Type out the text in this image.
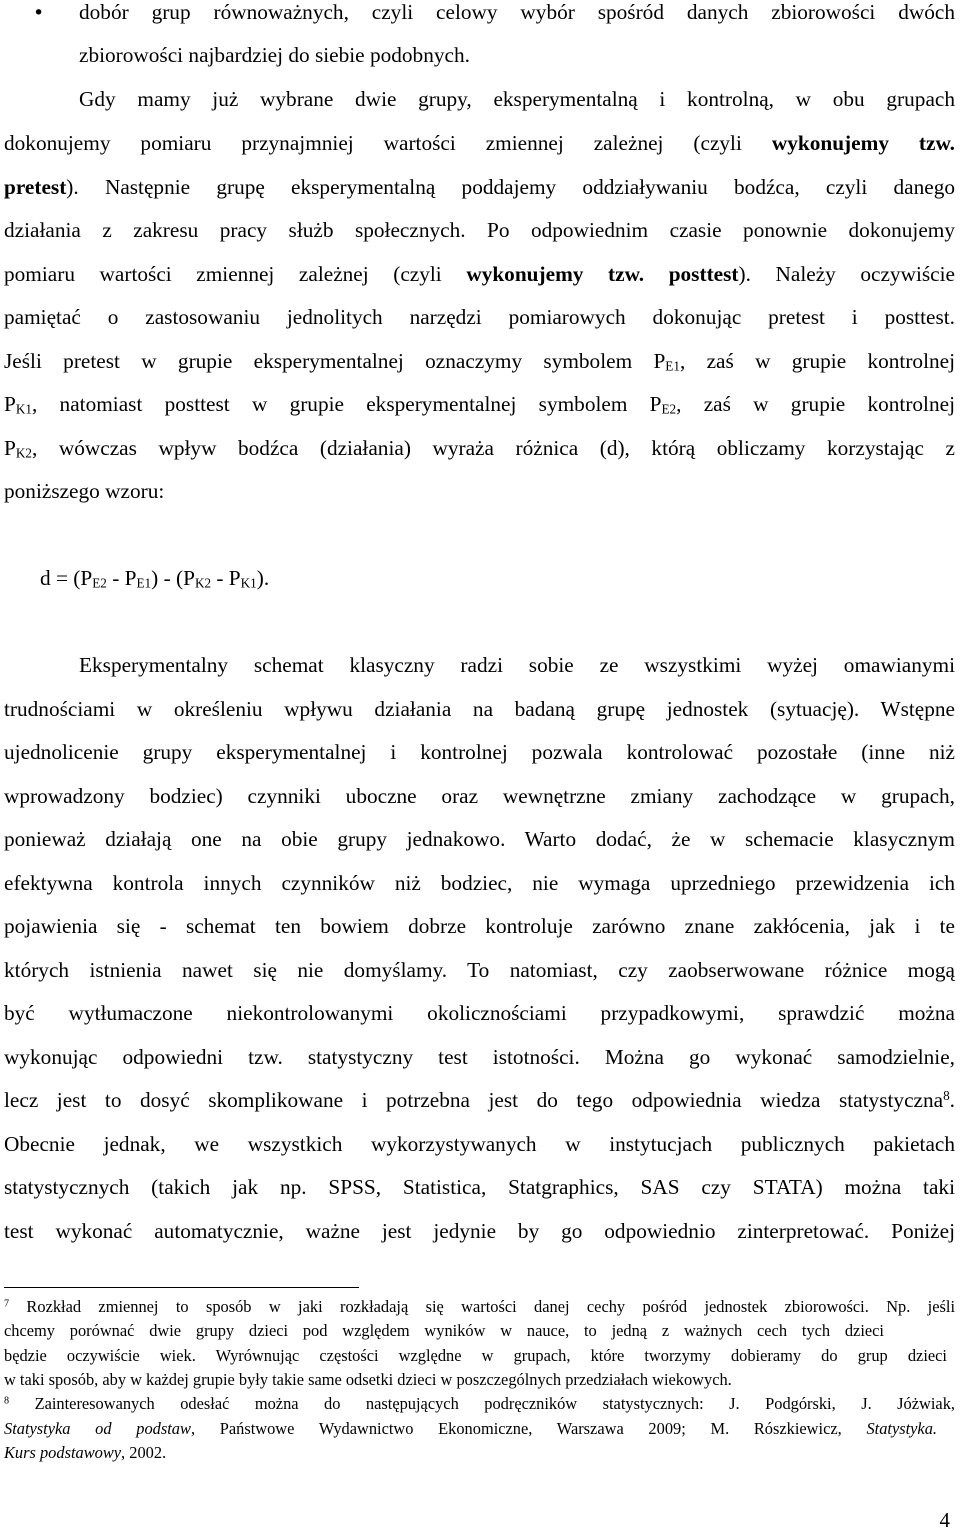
• dobór grup równoważnych, czyli celowy wybór spośród danych zbiorowości dwóch
zbiorowości najbardziej do siebie podobnych.
Gdy mamy już wybrane dwie grupy, eksperymentalną i kontrolną, w obu grupach
dokonujemy pomiaru przynajmniej wartości zmiennej zależnej (czyli wykonujemy tzw.
pretest). Następnie grupę eksperymentalną poddajemy oddziaływaniu bodźca, czyli danego
działania z zakresu pracy służb społecznych. Po odpowiednim czasie ponownie dokonujemy
pomiaru wartości zmiennej zależnej (czyli wykonujemy tzw. posttest). Należy oczywiście
pamiętać o zastosowaniu jednolitych narzędzi pomiarowych dokonując pretest i posttest.
Jeśli pretest w grupie eksperymentalnej oznaczymy symbolem $P_{E1}$, zaś w grupie kontrolnej
$P_{K1}$, natomiast posttest w grupie eksperymentalnej symbolem $P_{E2}$, zaś w grupie kontrolnej
$P_{K2}$, wówczas wpływ bodźca (działania) wyraża różnica (d), którą obliczamy korzystając z
poniższego wzoru:
$d = (P_{E2} - P_{E1}) - (P_{K2} - P_{K1})$.
Eksperymentalny schemat klasyczny radzi sobie ze wszystkimi wyżej omawianymi
trudnościami w określeniu wpływu działania na badaną grupę jednostek (sytuację). Wstępne
ujednolicenie grupy eksperymentalnej i kontrolnej pozwala kontrolować pozostałe (inne niż
wprowadzony bodziec) czynniki uboczne oraz wewnętrzne zmiany zachodzące w grupach,
ponieważ działają one na obie grupy jednakowo. Warto dodać, że w schemacie klasycznym
efektywna kontrola innych czynników niż bodziec, nie wymaga uprzedniego przewidzenia ich
pojawienia się - schemat ten bowiem dobrze kontroluje zarówno znane zakłócenia, jak i te
których istnienia nawet się nie domyślamy. To natomiast, czy zaobserwowane różnice mogą
być wytłumaczone niekontrolowanymi okolicznościami przypadkowymi, sprawdzić można
wykonując odpowiedni tzw. statystyczny test istotności. Można go wykonać samodzielnie,
lecz jest to dosyć skomplikowane i potrzebna jest do tego odpowiednia wiedza statystyczna$^8$.
Obecnie jednak, we wszystkich wykorzystywanych w instytucjach publicznych pakietach
statystycznych (takich jak np. SPSS, Statistica, Statgraphics, SAS czy STATA) można taki
test wykonać automatycznie, ważne jest jedynie by go odpowiednio zinterpretować. Poniżej
$^7$ Rozkład zmiennej to sposób w jaki rozkładają się wartości danej cechy pośród jednostek zbiorowości. Np. jeśli
chcemy porównać dwie grupy dzieci pod względem wyników w nauce, to jedną z ważnych cech tych dzieci
będzie oczywiście wiek. Wyrównując częstości względne w grupach, które tworzymy dobieramy do grup dzieci
w taki sposób, aby w każdej grupie były takie same odsetki dzieci w poszczególnych przedziałach wiekowych.
$^8$ Zainteresowanych odesłać można do następujących podręczników statystycznych: J. Podgórski, J. Jóżwiak,
Statystyka od podstaw, Państwowe Wydawnictwo Ekonomiczne, Warszawa 2009; M. Rószkiewicz, Statystyka.
Kurs podstawowy, 2002.
4
